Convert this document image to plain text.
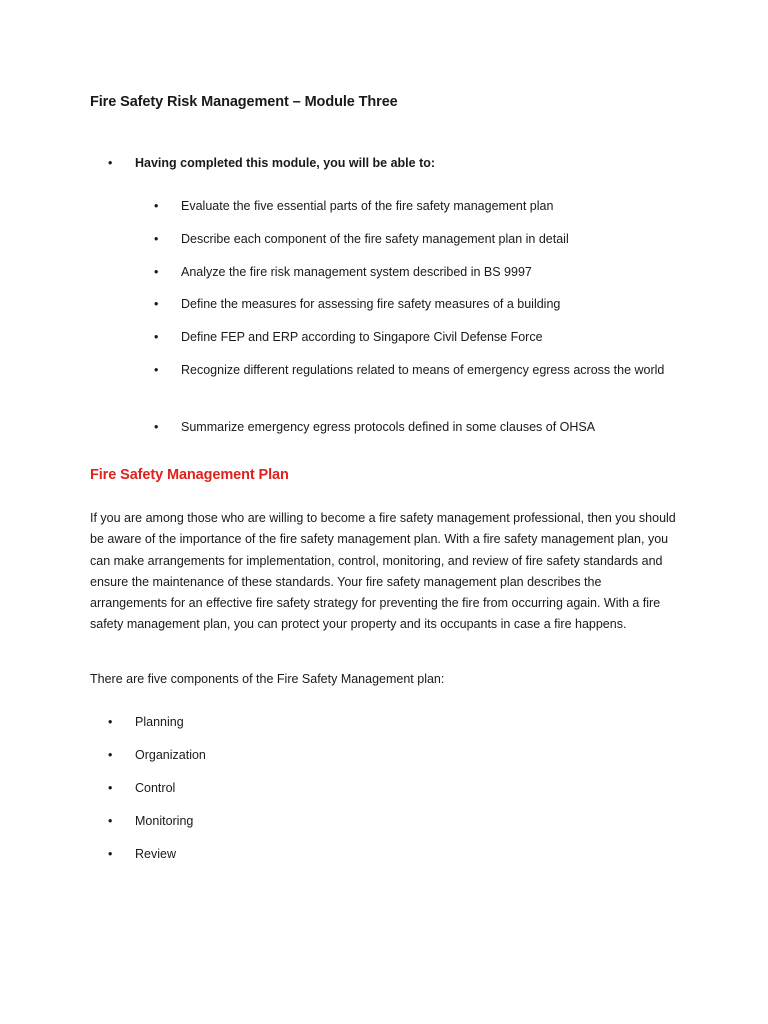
Fire Safety Risk Management – Module Three
• Having completed this module, you will be able to:
•	Evaluate the five essential parts of the fire safety management plan
•	Describe each component of the fire safety management plan in detail
•	Analyze the fire risk management system described in BS 9997
•	Define the measures for assessing fire safety measures of a building
•	Define FEP and ERP according to Singapore Civil Defense Force
•	Recognize different regulations related to means of emergency egress across the world
•	Summarize emergency egress protocols defined in some clauses of OHSA
Fire Safety Management Plan

If you are among those who are willing to become a fire safety management professional, then you should be aware of the importance of the fire safety management plan. With a fire safety management plan, you can make arrangements for implementation, control, monitoring, and review of fire safety standards and ensure the maintenance of these standards. Your fire safety management plan describes the arrangements for an effective fire safety strategy for preventing the fire from occurring again. With a fire safety management plan, you can protect your property and its occupants in case a fire happens.

There are five components of the Fire Safety Management plan:
•	Planning
•	Organization
•	Control
•	Monitoring
•	Review
